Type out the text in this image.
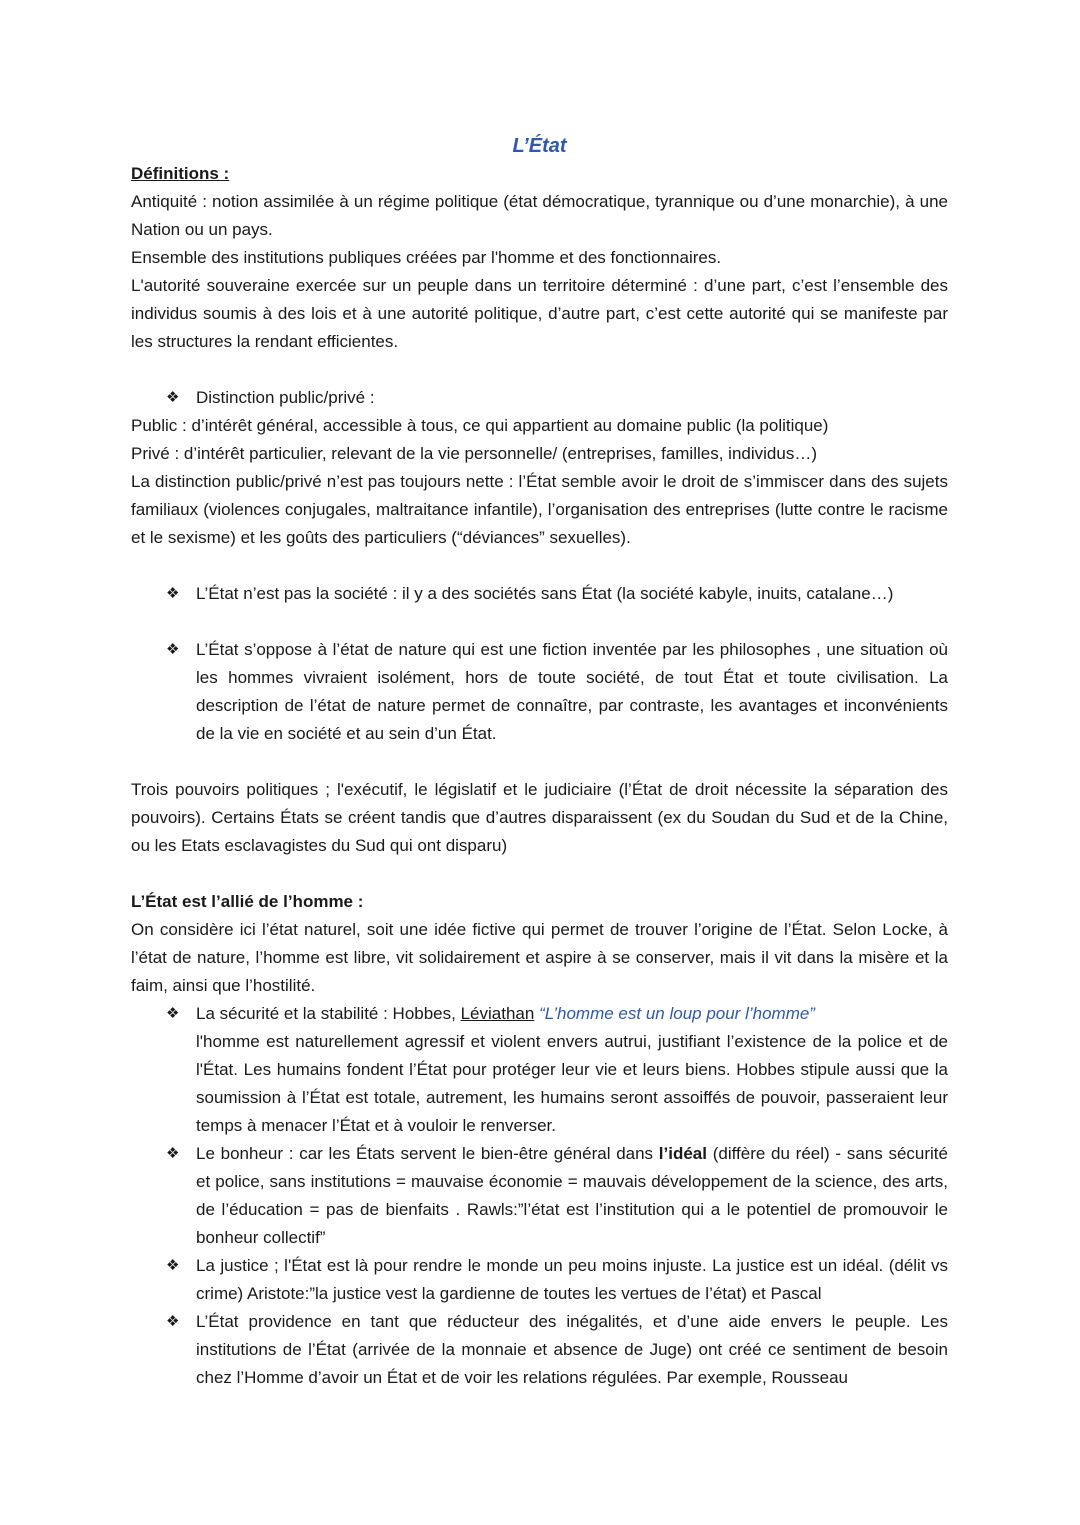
L’État
Définitions :

Antiquité : notion assimilée à un régime politique (état démocratique, tyrannique ou d’une monarchie), à une Nation ou un pays.

Ensemble des institutions publiques créées par l'homme et des fonctionnaires.

L'autorité souveraine exercée sur un peuple dans un territoire déterminé : d’une part, c’est l’ensemble des individus soumis à des lois et à une autorité politique, d’autre part, c’est cette autorité qui se manifeste par les structures la rendant efficientes.

❖ Distinction public/privé :

Public : d’intérêt général, accessible à tous, ce qui appartient au domaine public (la politique)

Privé : d’intérêt particulier, relevant de la vie personnelle/ (entreprises, familles, individus…)

La distinction public/privé n’est pas toujours nette : l’État semble avoir le droit de s’immiscer dans des sujets familiaux (violences conjugales, maltraitance infantile), l’organisation des entreprises (lutte contre le racisme et le sexisme) et les goûts des particuliers (“déviances” sexuelles).

❖ L’État n’est pas la société : il y a des sociétés sans État (la société kabyle, inuits, catalane…)
❖ L’État s’oppose à l’état de nature qui est une fiction inventée par les philosophes , une situation où les hommes vivraient isolément, hors de toute société, de tout État et toute civilisation. La description de l’état de nature permet de connaître, par contraste, les avantages et inconvénients de la vie en société et au sein d’un État.

Trois pouvoirs politiques ; l'exécutif, le législatif et le judiciaire (l’État de droit nécessite la séparation des pouvoirs). Certains États se créent tandis que d’autres disparaissent (ex du Soudan du Sud et de la Chine, ou les Etats esclavagistes du Sud qui ont disparu)

L’État est l’allié de l’homme :

On considère ici l’état naturel, soit une idée fictive qui permet de trouver l’origine de l’État. Selon Locke, à l’état de nature, l’homme est libre, vit solidairement et aspire à se conserver, mais il vit dans la misère et la faim, ainsi que l’hostilité.

❖ La sécurité et la stabilité : Hobbes, Léviathan “L’homme est un loup pour l’homme”
l'homme est naturellement agressif et violent envers autrui, justifiant l’existence de la police et de l'État. Les humains fondent l’État pour protéger leur vie et leurs biens. Hobbes stipule aussi que la soumission à l’État est totale, autrement, les humains seront assoiffés de pouvoir, passeraient leur temps à menacer l’État et à vouloir le renverser.
❖ Le bonheur : car les États servent le bien-être général dans l’idéal (diffère du réel) - sans sécurité et police, sans institutions = mauvaise économie = mauvais développement de la science, des arts, de l’éducation = pas de bienfaits . Rawls:”l’état est l’institution qui a le potentiel de promouvoir le bonheur collectif”
❖ La justice ; l'État est là pour rendre le monde un peu moins injuste. La justice est un idéal. (délit vs crime) Aristote:”la justice vest la gardienne de toutes les vertues de l’état) et Pascal
❖ L’État providence en tant que réducteur des inégalités, et d’une aide envers le peuple. Les institutions de l’État (arrivée de la monnaie et absence de Juge) ont créé ce sentiment de besoin chez l’Homme d’avoir un État et de voir les relations régulées. Par exemple, Rousseau
